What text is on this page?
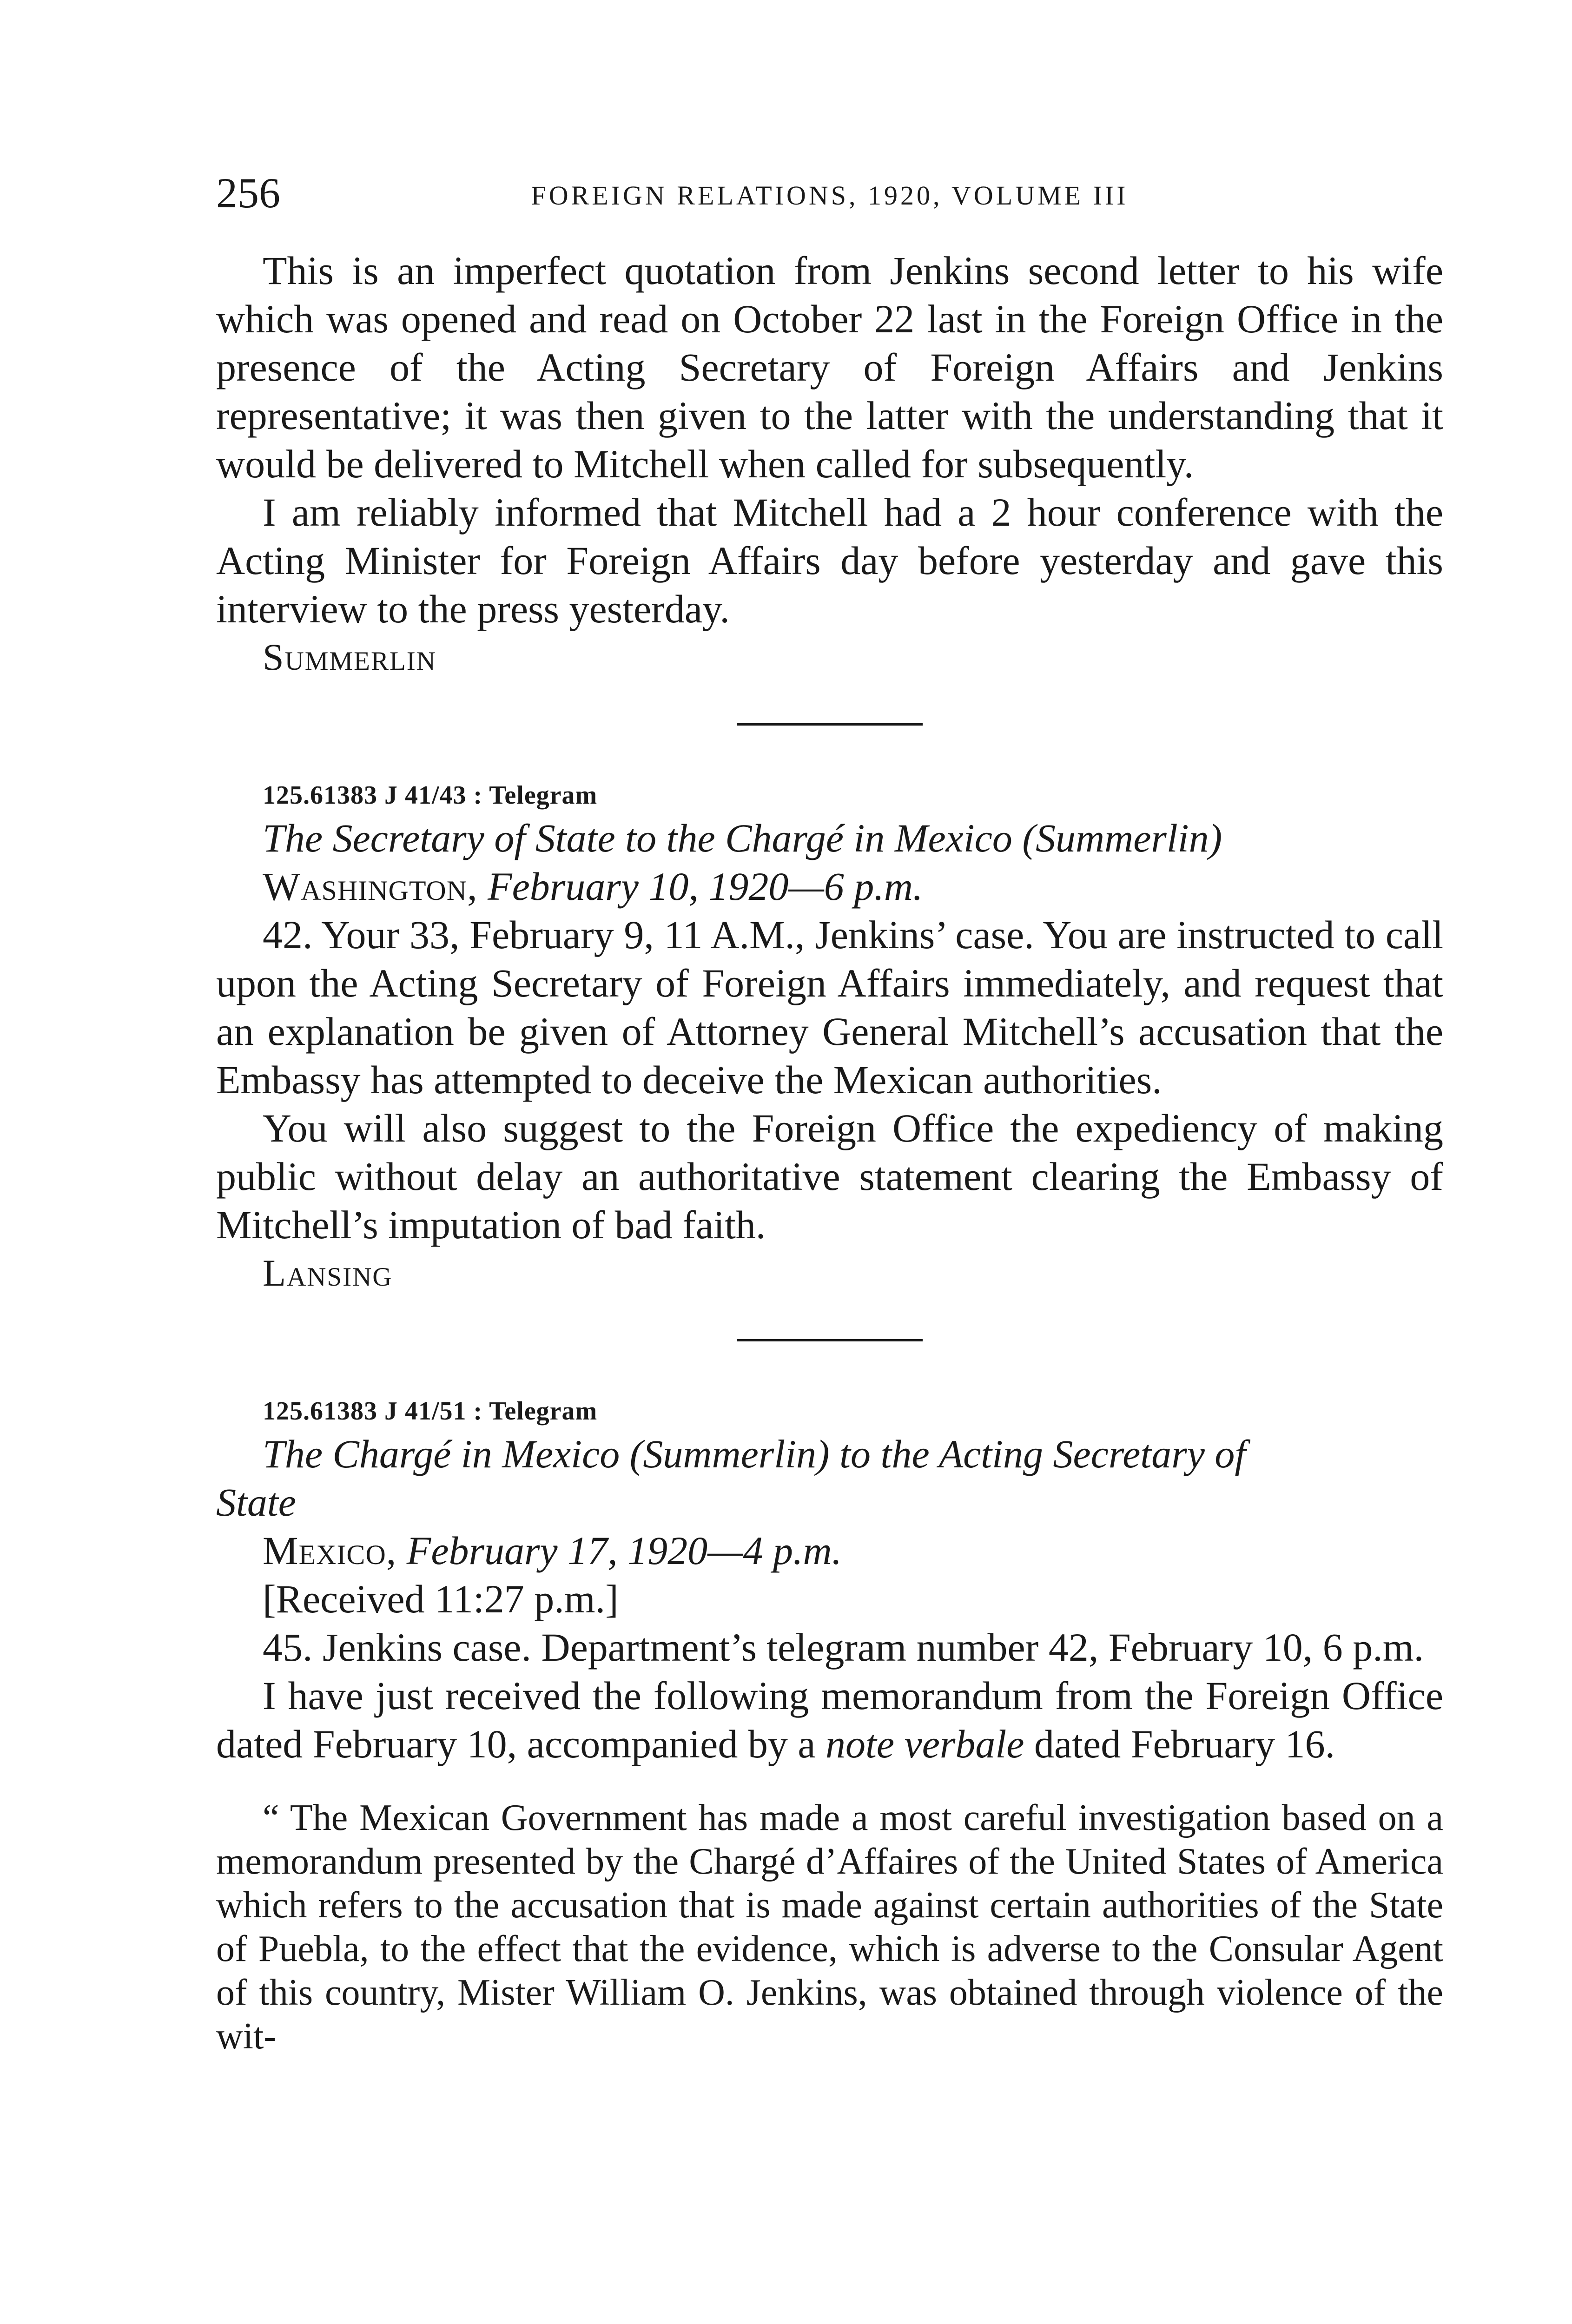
256	FOREIGN RELATIONS, 1920, VOLUME III

This is an imperfect quotation from Jenkins second letter to his wife which was opened and read on October 22 last in the Foreign Office in the presence of the Acting Secretary of Foreign Affairs and Jenkins representative; it was then given to the latter with the understanding that it would be delivered to Mitchell when called for subsequently.

I am reliably informed that Mitchell had a 2 hour conference with the Acting Minister for Foreign Affairs day before yesterday and gave this interview to the press yesterday.

Summerlin

125.61383 J 41/43 : Telegram

The Secretary of State to the Chargé in Mexico (Summerlin)

Washington, February 10, 1920—6 p.m.

42. Your 33, February 9, 11 A.M., Jenkins’ case. You are instructed to call upon the Acting Secretary of Foreign Affairs immediately, and request that an explanation be given of Attorney General Mitchell’s accusation that the Embassy has attempted to deceive the Mexican authorities.

You will also suggest to the Foreign Office the expediency of making public without delay an authoritative statement clearing the Embassy of Mitchell’s imputation of bad faith.

Lansing

125.61383 J 41/51 : Telegram

The Chargé in Mexico (Summerlin) to the Acting Secretary of
State

Mexico, February 17, 1920—4 p.m.

[Received 11:27 p.m.]

45. Jenkins case. Department’s telegram number 42, February 10, 6 p.m.

I have just received the following memorandum from the Foreign Office dated February 10, accompanied by a note verbale dated February 16.

“ The Mexican Government has made a most careful investigation based on a memorandum presented by the Chargé d’Affaires of the United States of America which refers to the accusation that is made against certain authorities of the State of Puebla, to the effect that the evidence, which is adverse to the Consular Agent of this country, Mister William O. Jenkins, was obtained through violence of the wit-
